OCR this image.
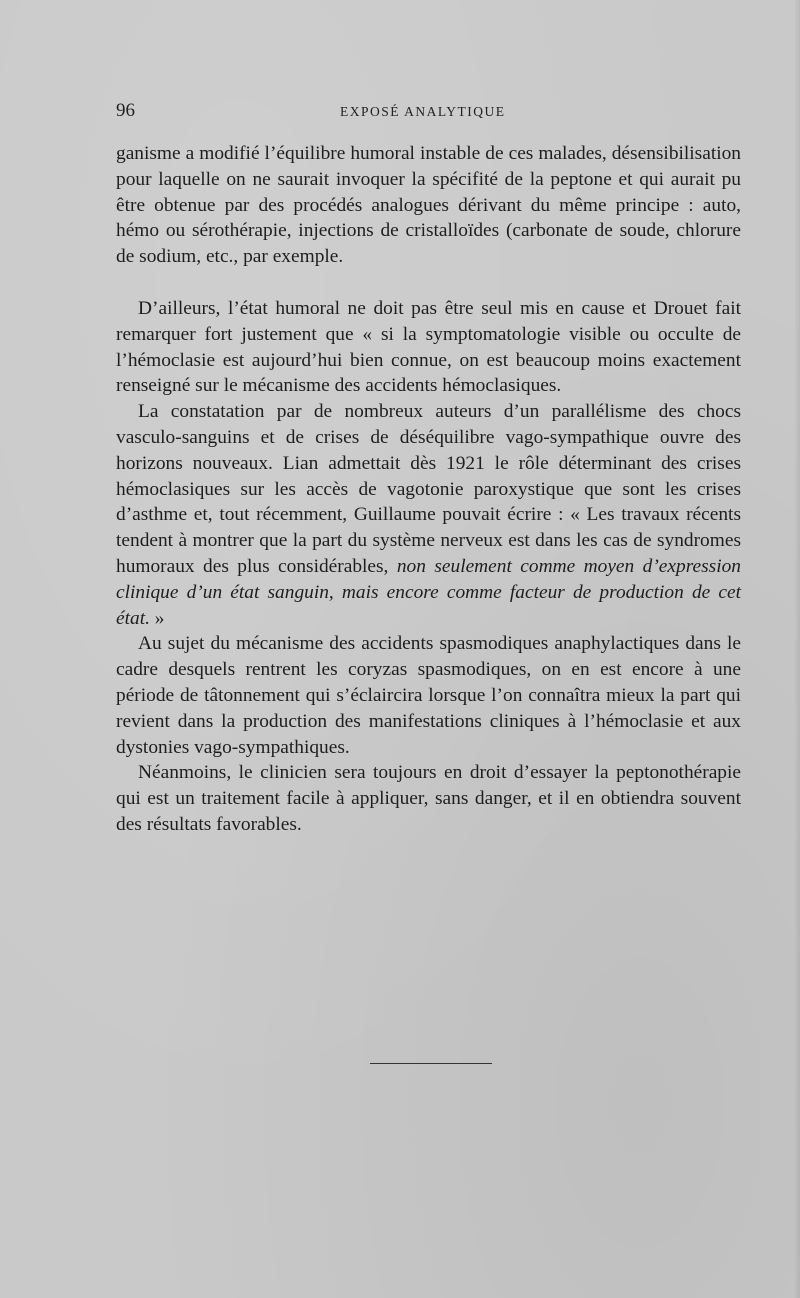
96	EXPOSÉ ANALYTIQUE

ganisme a modifié l’équilibre humoral instable de ces malades, désensibilisation pour laquelle on ne saurait invoquer la spécifité de la peptone et qui aurait pu être obtenue par des procédés analogues dérivant du même principe : auto, hémo ou sérothérapie, injections de cristalloïdes (carbonate de soude, chlorure de sodium, etc., par exemple.

D’ailleurs, l’état humoral ne doit pas être seul mis en cause et Drouet fait remarquer fort justement que « si la symptomatologie visible ou occulte de l’hémoclasie est aujourd’hui bien connue, on est beaucoup moins exactement renseigné sur le mécanisme des accidents hémoclasiques.

La constatation par de nombreux auteurs d’un parallélisme des chocs vasculo-sanguins et de crises de déséquilibre vago-sympathique ouvre des horizons nouveaux. Lian admettait dès 1921 le rôle déterminant des crises hémoclasiques sur les accès de vagotonie paroxystique que sont les crises d’asthme et, tout récemment, Guillaume pouvait écrire : « Les travaux récents tendent à montrer que la part du système nerveux est dans les cas de syndromes humoraux des plus considérables, non seulement comme moyen d’expression clinique d’un état sanguin, mais encore comme facteur de production de cet état. »

Au sujet du mécanisme des accidents spasmodiques anaphylactiques dans le cadre desquels rentrent les coryzas spasmodiques, on en est encore à une période de tâtonnement qui s’éclaircira lorsque l’on connaîtra mieux la part qui revient dans la production des manifestations cliniques à l’hémoclasie et aux dystonies vago-sympathiques.

Néanmoins, le clinicien sera toujours en droit d’essayer la peptonothérapie qui est un traitement facile à appliquer, sans danger, et il en obtiendra souvent des résultats favorables.
